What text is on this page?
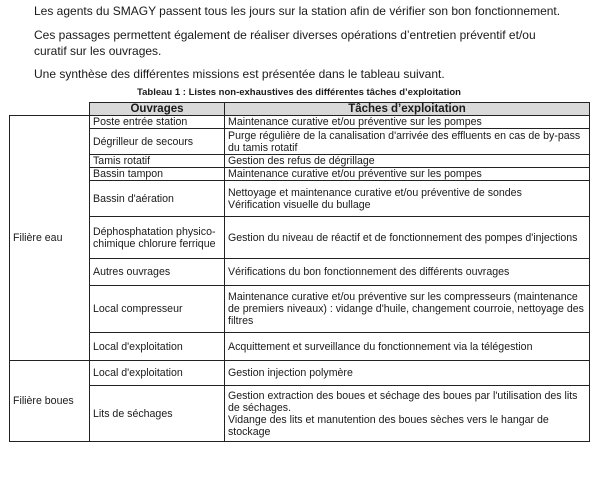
Les agents du SMAGY passent tous les jours sur la station afin de vérifier son bon fonctionnement.

Ces passages permettent également de réaliser diverses opérations d’entretien préventif et/ou curatif sur les ouvrages.

Une synthèse des différentes missions est présentée dans le tableau suivant.

Tableau 1 : Listes non-exhaustives des différentes tâches d’exploitation

	Ouvrages	Tâches d’exploitation
Filière eau	Poste entrée station	Maintenance curative et/ou préventive sur les pompes
	Dégrilleur de secours	Purge régulière de la canalisation d'arrivée des effluents en cas de by-pass du tamis rotatif
	Tamis rotatif	Gestion des refus de dégrillage
	Bassin tampon	Maintenance curative et/ou préventive sur les pompes
	Bassin d'aération	Nettoyage et maintenance curative et/ou préventive de sondes
Vérification visuelle du bullage

	Déphosphatation physico-chimique chlorure ferrique	Gestion du niveau de réactif et de fonctionnement des pompes d'injections
	Autres ouvrages	Vérifications du bon fonctionnement des différents ouvrages
	Local compresseur	Maintenance curative et/ou préventive sur les compresseurs (maintenance de premiers niveaux) : vidange d'huile, changement courroie, nettoyage des filtres
	Local d'exploitation	Acquittement et surveillance du fonctionnement via la télégestion
Filière boues	Local d'exploitation	Gestion injection polymère
	Lits de séchages	Gestion extraction des boues et séchage des boues par l'utilisation des lits de séchages.
Vidange des lits et manutention des boues sèches vers le hangar de stockage
